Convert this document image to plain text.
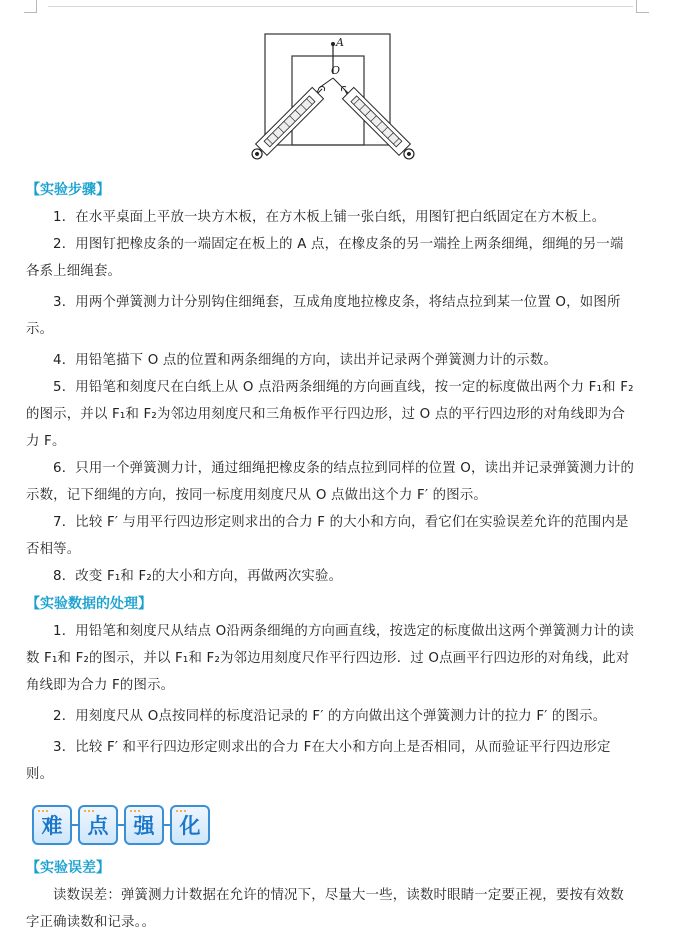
A
O

【实验步骤】

1．在水平桌面上平放一块方木板，在方木板上铺一张白纸，用图钉把白纸固定在方木板上。

2．用图钉把橡皮条的一端固定在板上的 A 点，在橡皮条的另一端拴上两条细绳，细绳的另一端各系上细绳套。

3．用两个弹簧测力计分别钩住细绳套，互成角度地拉橡皮条，将结点拉到某一位置 O，如图所示。

4．用铅笔描下 O 点的位置和两条细绳的方向，读出并记录两个弹簧测力计的示数。

5．用铅笔和刻度尺在白纸上从 O 点沿两条细绳的方向画直线，按一定的标度做出两个力 F₁和 F₂的图示，并以 F₁和 F₂为邻边用刻度尺和三角板作平行四边形，过 O 点的平行四边形的对角线即为合力 F。

6．只用一个弹簧测力计，通过细绳把橡皮条的结点拉到同样的位置 O，读出并记录弹簧测力计的示数，记下细绳的方向，按同一标度用刻度尺从 O 点做出这个力 F′ 的图示。

7．比较 F′ 与用平行四边形定则求出的合力 F 的大小和方向，看它们在实验误差允许的范围内是否相等。

8．改变 F₁和 F₂的大小和方向，再做两次实验。

【实验数据的处理】

1．用铅笔和刻度尺从结点 O沿两条细绳的方向画直线，按选定的标度做出这两个弹簧测力计的读数 F₁和 F₂的图示，并以 F₁和 F₂为邻边用刻度尺作平行四边形．过 O点画平行四边形的对角线，此对角线即为合力 F的图示。

2．用刻度尺从 O点按同样的标度沿记录的 F′ 的方向做出这个弹簧测力计的拉力 F′ 的图示。

3．比较 F′ 和平行四边形定则求出的合力 F在大小和方向上是否相同，从而验证平行四边形定则。

难	点	强	化

【实验误差】

读数误差：弹簧测力计数据在允许的情况下，尽量大一些，读数时眼睛一定要正视，要按有效数字正确读数和记录。。
